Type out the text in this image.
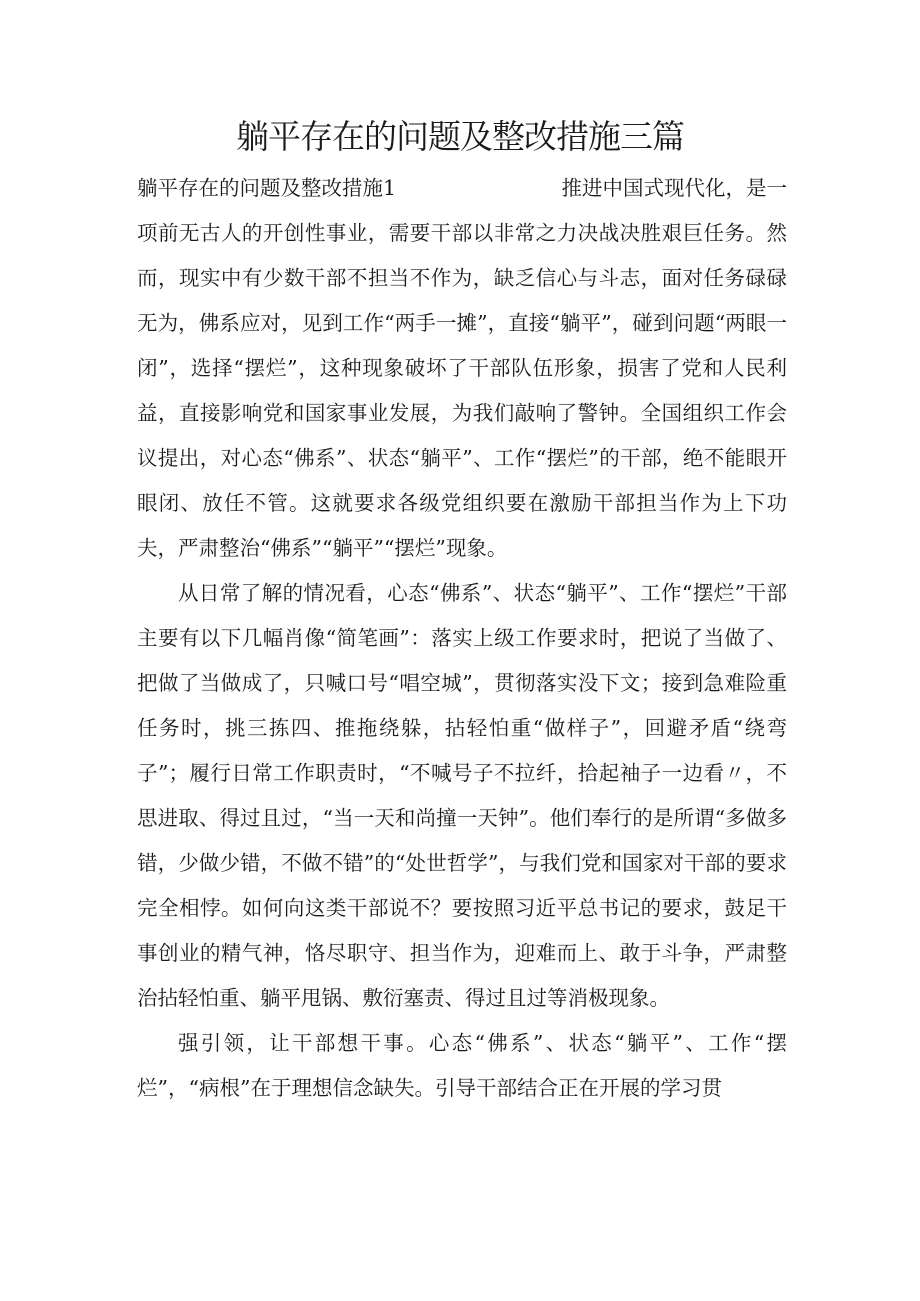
躺平存在的问题及整改措施三篇
躺平存在的问题及整改措施1	推进中国式现代化，是一

项前无古人的开创性事业，需要干部以非常之力决战决胜艰巨任务。然而，现实中有少数干部不担当不作为，缺乏信心与斗志，面对任务碌碌无为，佛系应对，见到工作“两手一摊”，直接“躺平”，碰到问题“两眼一闭”，选择“摆烂”，这种现象破坏了干部队伍形象，损害了党和人民利益，直接影响党和国家事业发展，为我们敲响了警钟。全国组织工作会议提出，对心态“佛系”、状态“躺平”、工作“摆烂”的干部，绝不能眼开眼闭、放任不管。这就要求各级党组织要在激励干部担当作为上下功夫，严肃整治“佛系”“躺平”“摆烂”现象。

从日常了解的情况看，心态“佛系”、状态“躺平”、工作“摆烂”干部主要有以下几幅肖像“简笔画”：落实上级工作要求时，把说了当做了、把做了当做成了，只喊口号“唱空城”，贯彻落实没下文；接到急难险重任务时，挑三拣四、推拖绕躲，拈轻怕重“做样子”，回避矛盾“绕弯子”；履行日常工作职责时，“不喊号子不拉纤，拾起袖子一边看〃，不思进取、得过且过，“当一天和尚撞一天钟”。他们奉行的是所谓“多做多错，少做少错，不做不错”的“处世哲学”，与我们党和国家对干部的要求完全相悖。如何向这类干部说不？要按照习近平总书记的要求，鼓足干事创业的精气神，恪尽职守、担当作为，迎难而上、敢于斗争，严肃整治拈轻怕重、躺平甩锅、敷衍塞责、得过且过等消极现象。

强引领，让干部想干事。心态“佛系”、状态“躺平”、工作“摆烂”，“病根”在于理想信念缺失。引导干部结合正在开展的学习贯
